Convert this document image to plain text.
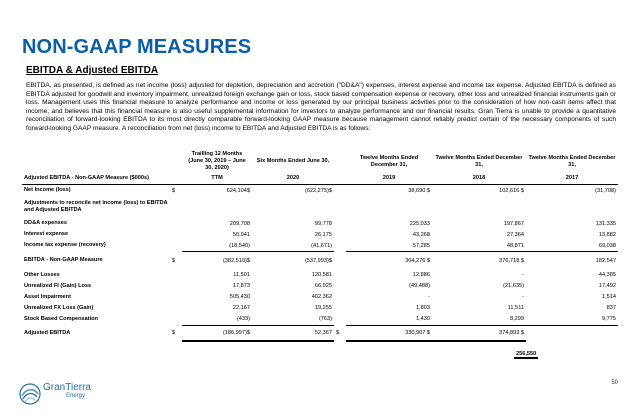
NON-GAAP MEASURES
EBITDA & Adjusted EBITDA
EBITDA, as presented, is defined as net income (loss) adjusted for depletion, depreciation and accretion ("DD&A") expenses, interest expense and income tax expense. Adjusted EBITDA is defined as EBITDA adjusted for goodwill and inventory impairment, unrealized foreign exchange gain or loss, stock based compensation expense or recovery, other loss and unrealized financial instruments gain or loss. Management uses this financial measure to analyze performance and income or loss generated by our principal business activities prior to the consideration of how non-cash items affect that income, and believes that this financial measure is also useful supplemental information for investors to analyze performance and our financial results. Gran Tierra is unable to provide a quantitative reconciliation of forward-looking EBITDA to its most directly comparable forward-looking GAAP measure because management cannot reliably predict certain of the necessary components of such forward-looking GAAP measure. A reconciliation from net (loss) income to EBITDA and Adjusted EBITDA is as follows:
		Trailling 12 Months (June 30, 2019 – June 30, 2020)	Six Months Ended June 30,		Twelve Months Ended December 31,	Twelve Months Ended December 31,	Twelve Months Ended December 31,
Adjusted EBITDA - Non-GAAP Measure ($000s)		TTM	2020		2019	2018	2017
Net Income (loss)	$	624,104$	(622,275)$		38,690 $	102,616 $	(31,708)
Adjustments to reconcile net income (loss) to EBITDA and Adjusted EBITDA							
DD&A expenses		209,708	99,778		225,033	197,867	131,335
Interest expense		50,941	26,175		43,268	27,364	13,882
Income tax expense (recovery)		(18,540)	(41,671)		57,285	48,871	69,038
EBITDA - Non-GAAP Measure	$	(382,510)$	(537,993)$		364,276 $	376,718 $	182,547
Other Losses		11,501	120,581		12,886	-	44,385
Unrealized FI (Gain) Loss		17,873	66,925		(49,488)	(21,635)	17,492
Asset Impairment		505,430	402,362		-	-	1,514
Unrealized FX Loss (Gain)		22,167	19,255		1,803	11,511	837
Stock Based Compensation		(433)	(763)		1,430	8,299	9,775
Adjusted EBITDA	$	(186,997)$	52,367	$	330,907 $	374,893 $	
256,550
GranTierra
Energy
50
